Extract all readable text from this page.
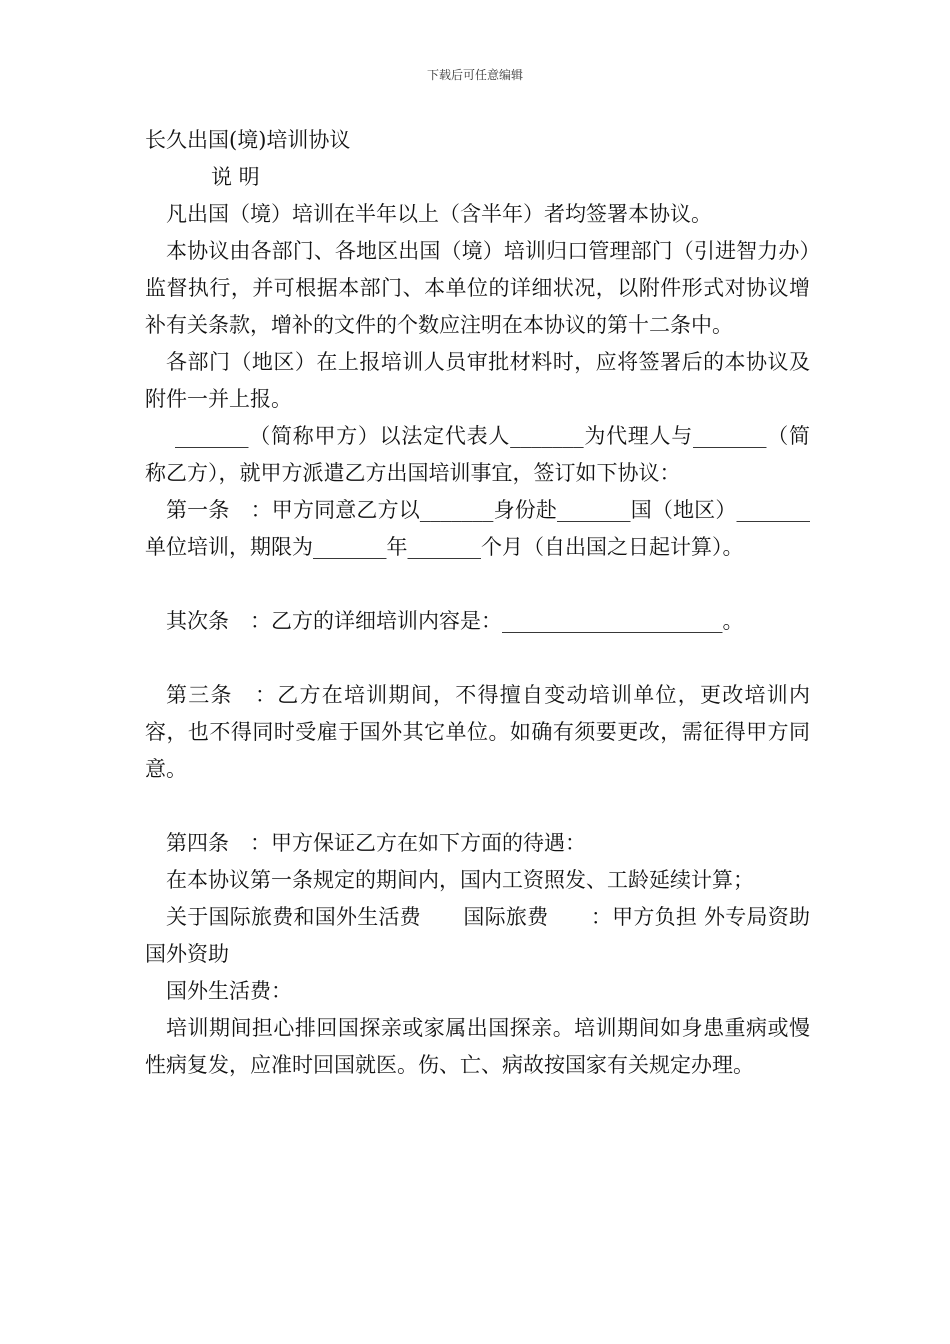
下载后可任意编辑

长久出国(境)培训协议

说 明

凡出国（境）培训在半年以上（含半年）者均签署本协议。

本协议由各部门、各地区出国（境）培训归口管理部门（引进智力办）监督执行，并可根据本部门、本单位的详细状况，以附件形式对协议增补有关条款，增补的文件的个数应注明在本协议的第十二条中。

各部门（地区）在上报培训人员审批材料时，应将签署后的本协议及附件一并上报。

_______（简称甲方）以法定代表人_______为代理人与_______（简称乙方），就甲方派遣乙方出国培训事宜，签订如下协议：

第一条　：甲方同意乙方以_______身份赴_______国（地区）_______单位培训，期限为_______年_______个月（自出国之日起计算）。

其次条　：乙方的详细培训内容是：_____________________。

第三条　：乙方在培训期间，不得擅自变动培训单位，更改培训内容，也不得同时受雇于国外其它单位。如确有须要更改，需征得甲方同意。

第四条　：甲方保证乙方在如下方面的待遇：

在本协议第一条规定的期间内，国内工资照发、工龄延续计算；

关于国际旅费和国外生活费　　国际旅费　　：甲方负担 外专局资助 国外资助

国外生活费：

培训期间担心排回国探亲或家属出国探亲。培训期间如身患重病或慢性病复发，应准时回国就医。伤、亡、病故按国家有关规定办理。
